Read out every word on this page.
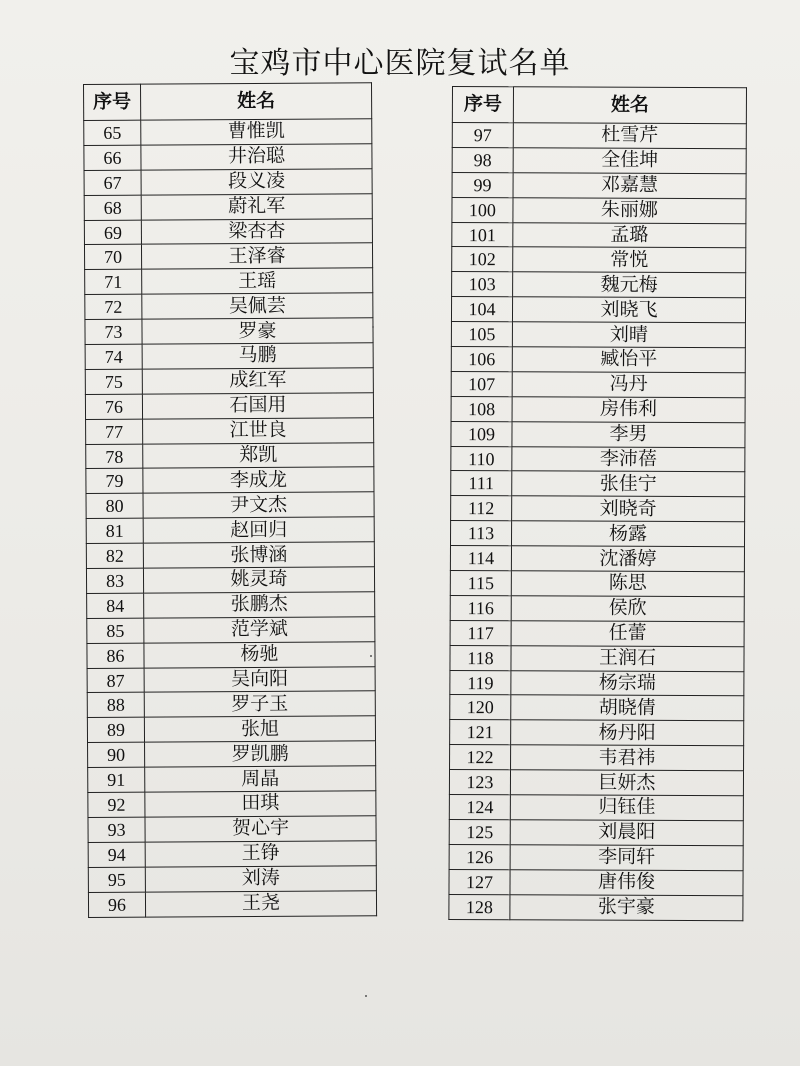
宝鸡市中心医院复试名单
序号	姓名
65	曹惟凯
66	井治聪
67	段义凌
68	蔚礼军
69	梁杏杏
70	王泽睿
71	王瑶
72	吴佩芸
73	罗豪
74	马鹏
75	成红军
76	石国用
77	江世良
78	郑凯
79	李成龙
80	尹文杰
81	赵回归
82	张博涵
83	姚灵琦
84	张鹏杰
85	范学斌
86	杨驰
87	吴向阳
88	罗子玉
89	张旭
90	罗凯鹏
91	周晶
92	田琪
93	贺心宇
94	王铮
95	刘涛
96	王尧
序号	姓名
97	杜雪芹
98	全佳坤
99	邓嘉慧
100	朱丽娜
101	孟璐
102	常悦
103	魏元梅
104	刘晓飞
105	刘晴
106	臧怡平
107	冯丹
108	房伟利
109	李男
110	李沛蓓
111	张佳宁
112	刘晓奇
113	杨露
114	沈潘婷
115	陈思
116	侯欣
117	任蕾
118	王润石
119	杨宗瑞
120	胡晓倩
121	杨丹阳
122	韦君祎
123	巨妍杰
124	归钰佳
125	刘晨阳
126	李同轩
127	唐伟俊
128	张宇豪
